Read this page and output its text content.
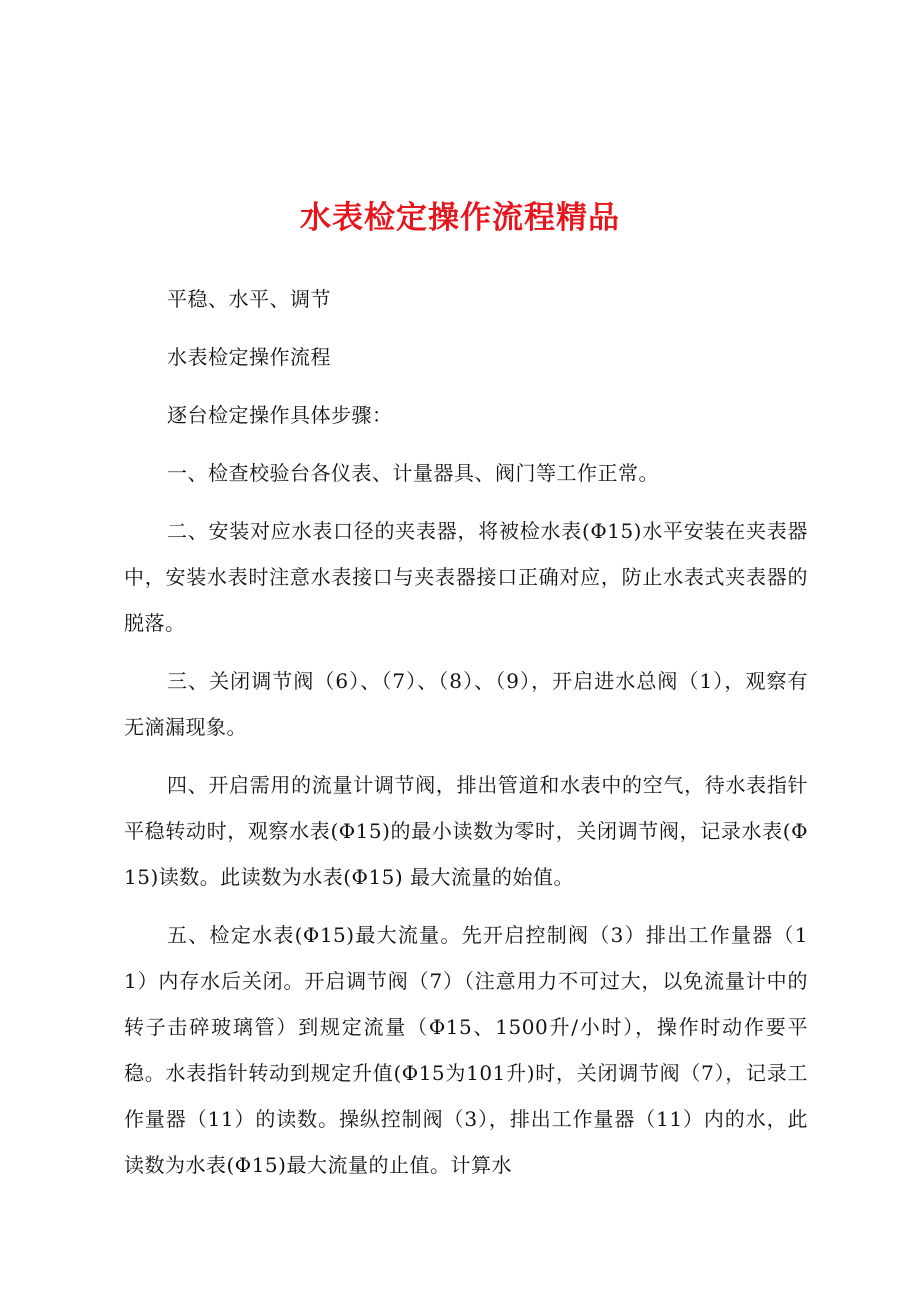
水表检定操作流程精品

平稳、水平、调节

水表检定操作流程

逐台检定操作具体步骤：

一、检查校验台各仪表、计量器具、阀门等工作正常。

二、安装对应水表口径的夹表器，将被检水表(Φ15)水平安装在夹表器中，安装水表时注意水表接口与夹表器接口正确对应，防止水表式夹表器的脱落。

三、关闭调节阀（6）、（7）、（8）、（9），开启进水总阀（1），观察有无滴漏现象。

四、开启需用的流量计调节阀，排出管道和水表中的空气，待水表指针平稳转动时，观察水表(Φ15)的最小读数为零时，关闭调节阀，记录水表(Φ15)读数。此读数为水表(Φ15) 最大流量的始值。

五、检定水表(Φ15)最大流量。先开启控制阀（3）排出工作量器（11）内存水后关闭。开启调节阀（7）（注意用力不可过大，以免流量计中的转子击碎玻璃管）到规定流量（Φ15、1500升/小时），操作时动作要平稳。水表指针转动到规定升值(Φ15为101升)时，关闭调节阀（7），记录工作量器（11）的读数。操纵控制阀（3），排出工作量器（11）内的水，此读数为水表(Φ15)最大流量的止值。计算水
